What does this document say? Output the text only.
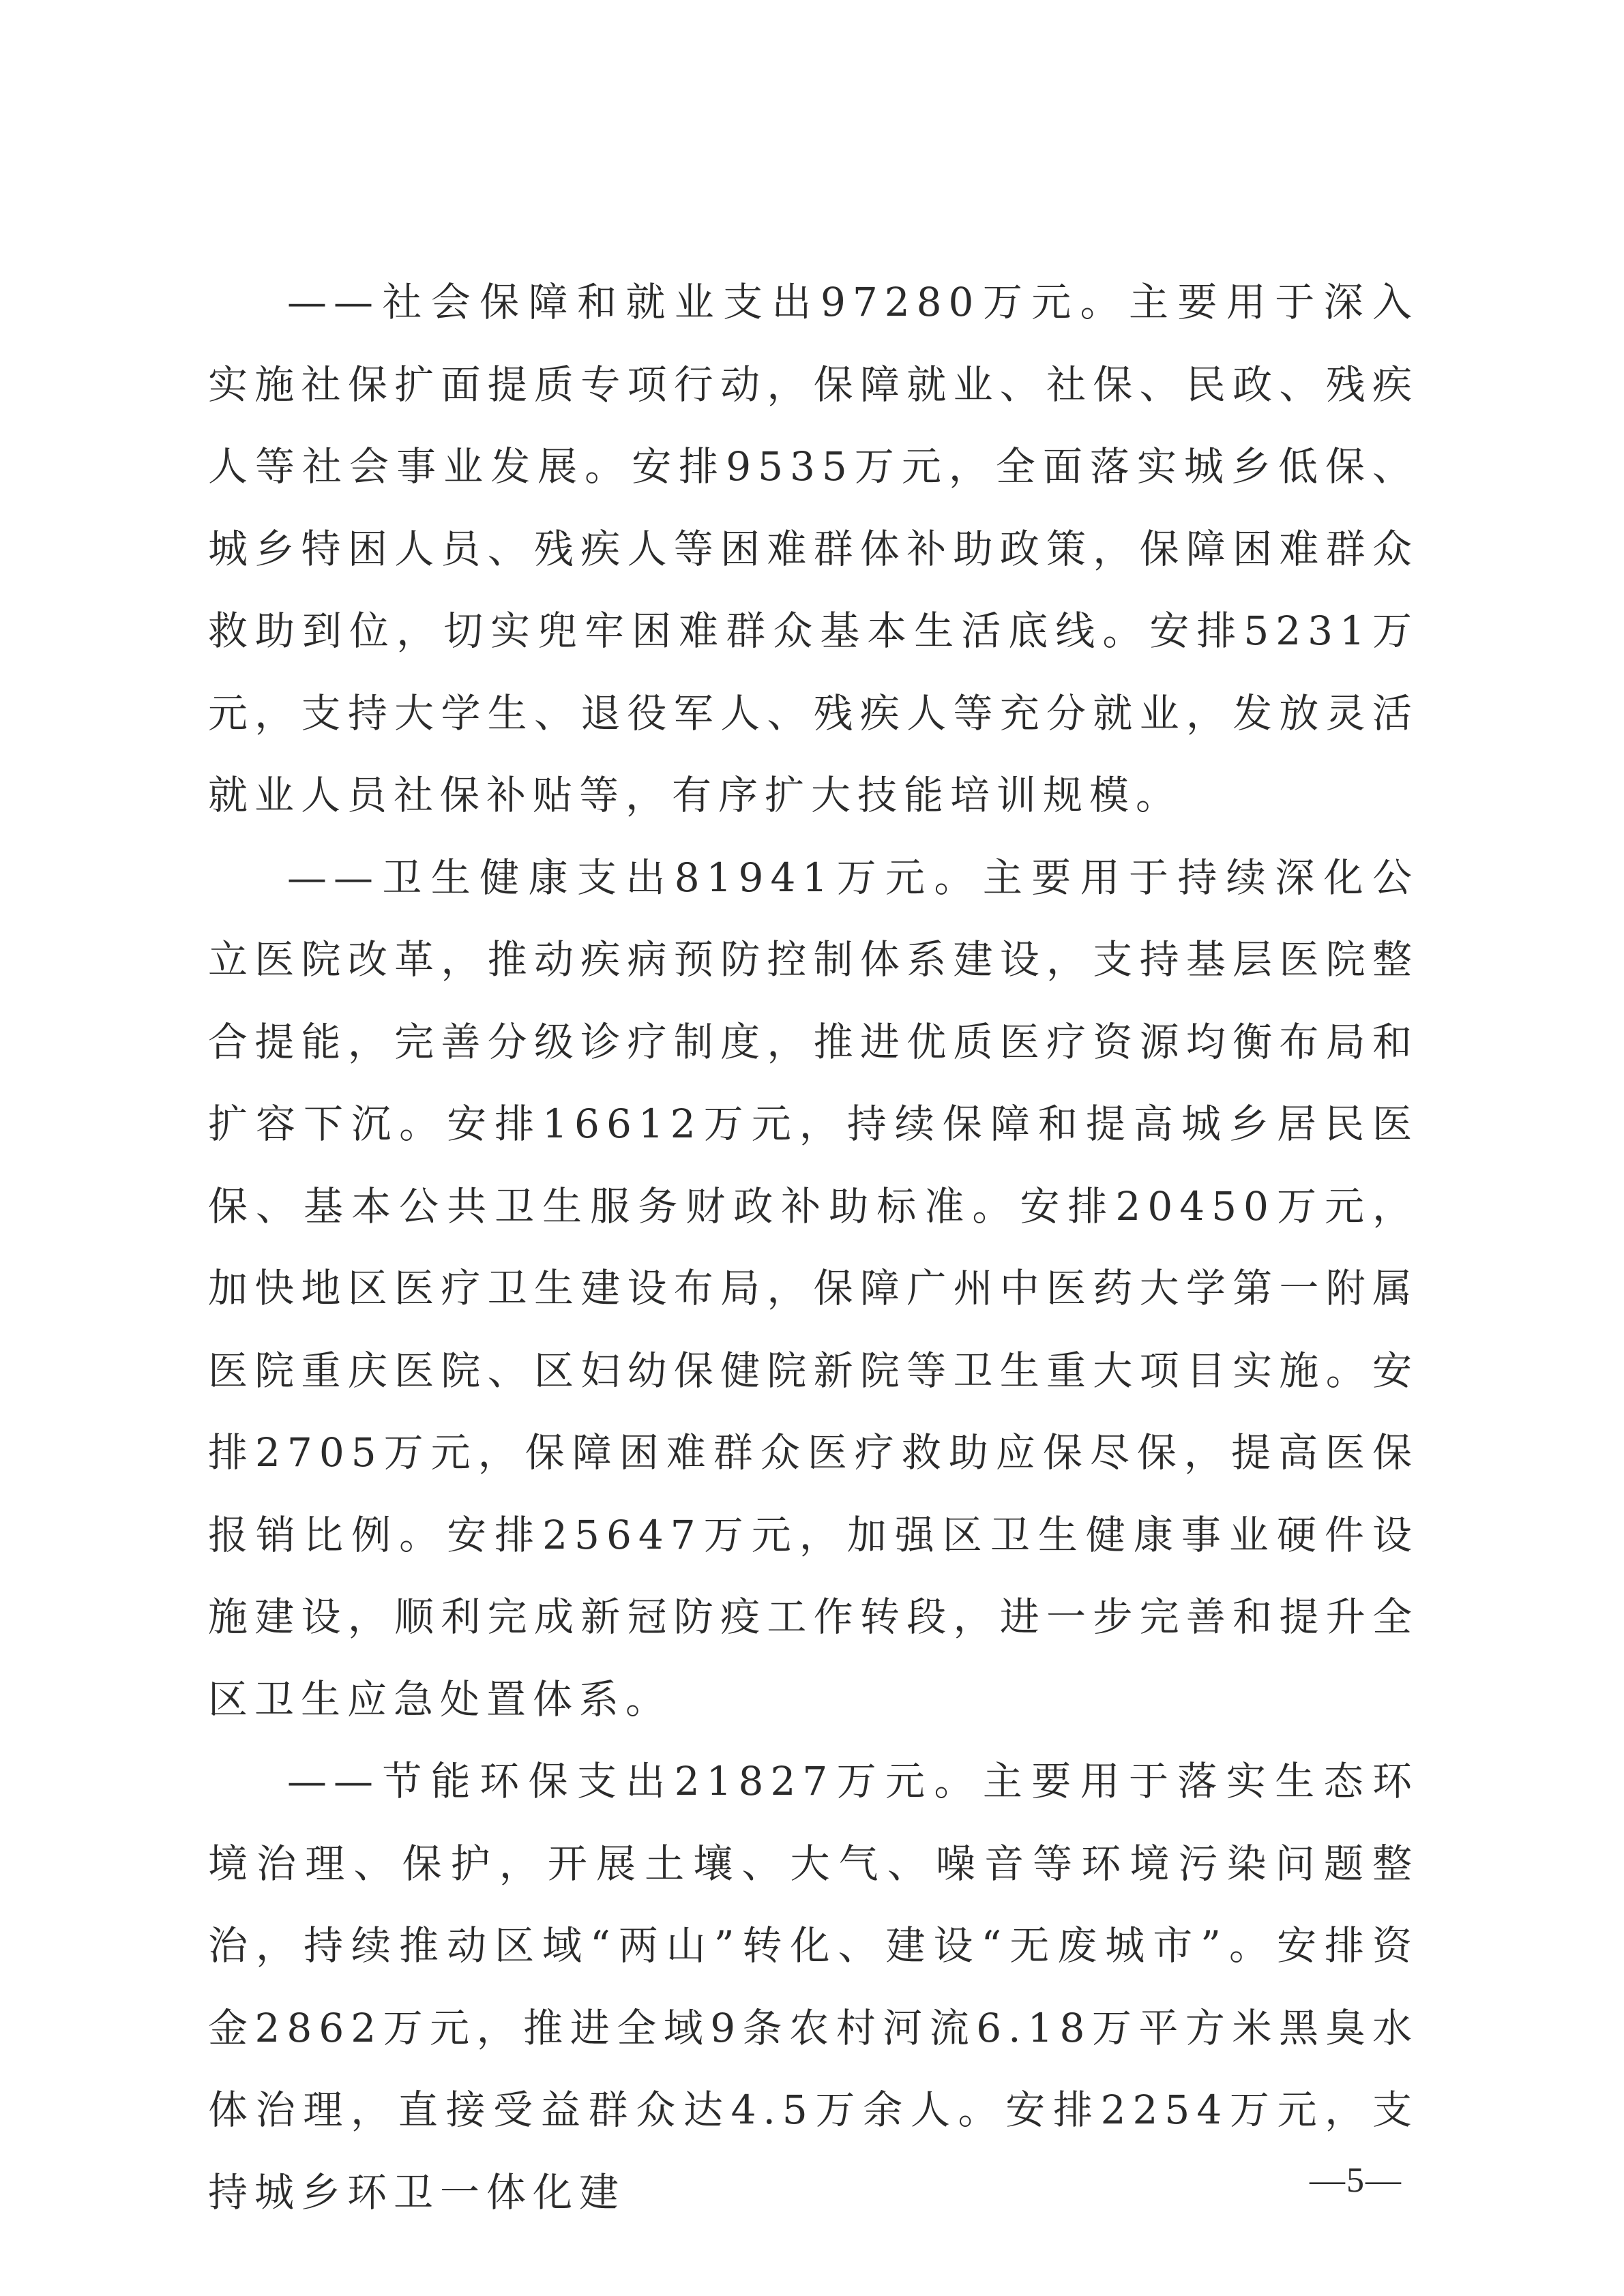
——社会保障和就业支出97280万元。主要用于深入实施社保扩面提质专项行动，保障就业、社保、民政、残疾人等社会事业发展。安排9535万元，全面落实城乡低保、城乡特困人员、残疾人等困难群体补助政策，保障困难群众救助到位，切实兜牢困难群众基本生活底线。安排5231万元，支持大学生、退役军人、残疾人等充分就业，发放灵活就业人员社保补贴等，有序扩大技能培训规模。

——卫生健康支出81941万元。主要用于持续深化公立医院改革，推动疾病预防控制体系建设，支持基层医院整合提能，完善分级诊疗制度，推进优质医疗资源均衡布局和扩容下沉。安排16612万元，持续保障和提高城乡居民医保、基本公共卫生服务财政补助标准。安排20450万元，加快地区医疗卫生建设布局，保障广州中医药大学第一附属医院重庆医院、区妇幼保健院新院等卫生重大项目实施。安排2705万元，保障困难群众医疗救助应保尽保，提高医保报销比例。安排25647万元，加强区卫生健康事业硬件设施建设，顺利完成新冠防疫工作转段，进一步完善和提升全区卫生应急处置体系。

——节能环保支出21827万元。主要用于落实生态环境治理、保护，开展土壤、大气、噪音等环境污染问题整治，持续推动区域“两山”转化、建设“无废城市”。安排资金2862万元，推进全域9条农村河流6.18万平方米黑臭水体治理，直接受益群众达4.5万余人。安排2254万元，支持城乡环卫一体化建	—5—
